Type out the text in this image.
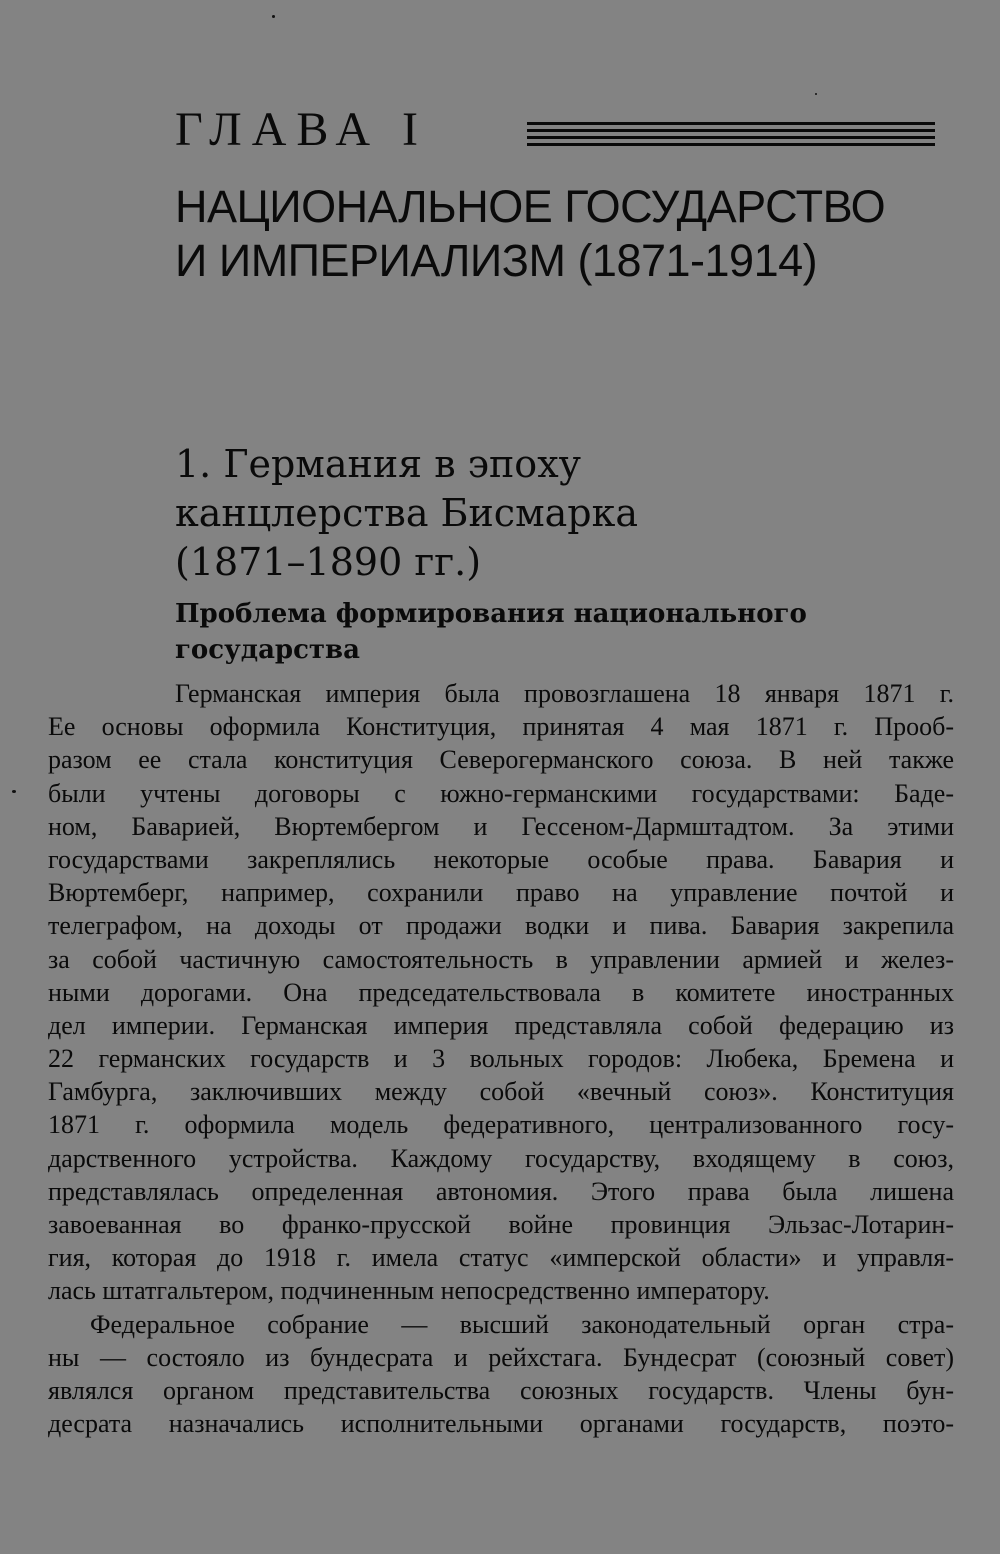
ГЛАВА I
НАЦИОНАЛЬНОЕ ГОСУДАРСТВО
И ИМПЕРИАЛИЗМ (1871-1914)
1. Германия в эпоху
канцлерства Бисмарка
(1871–1890 гг.)
Проблема формирования национального
государства
Германская империя была провозглашена 18 января 1871 г.
Ее основы оформила Конституция, принятая 4 мая 1871 г. Прооб-
разом ее стала конституция Северогерманского союза. В ней также
были учтены договоры с южно-германскими государствами: Баде-
ном, Баварией, Вюртембергом и Гессеном-Дармштадтом. За этими
государствами закреплялись некоторые особые права. Бавария и
Вюртемберг, например, сохранили право на управление почтой и
телеграфом, на доходы от продажи водки и пива. Бавария закрепила
за собой частичную самостоятельность в управлении армией и желез-
ными дорогами. Она председательствовала в комитете иностранных
дел империи. Германская империя представляла собой федерацию из
22 германских государств и 3 вольных городов: Любека, Бремена и
Гамбурга, заключивших между собой «вечный союз». Конституция
1871 г. оформила модель федеративного, централизованного госу-
дарственного устройства. Каждому государству, входящему в союз,
представлялась определенная автономия. Этого права была лишена
завоеванная во франко-прусской войне провинция Эльзас-Лотарин-
гия, которая до 1918 г. имела статус «имперской области» и управля-
лась штатгальтером, подчиненным непосредственно императору.
Федеральное собрание — высший законодательный орган стра-
ны — состояло из бундесрата и рейхстага. Бундесрат (союзный совет)
являлся органом представительства союзных государств. Члены бун-
десрата назначались исполнительными органами государств, поэто-
